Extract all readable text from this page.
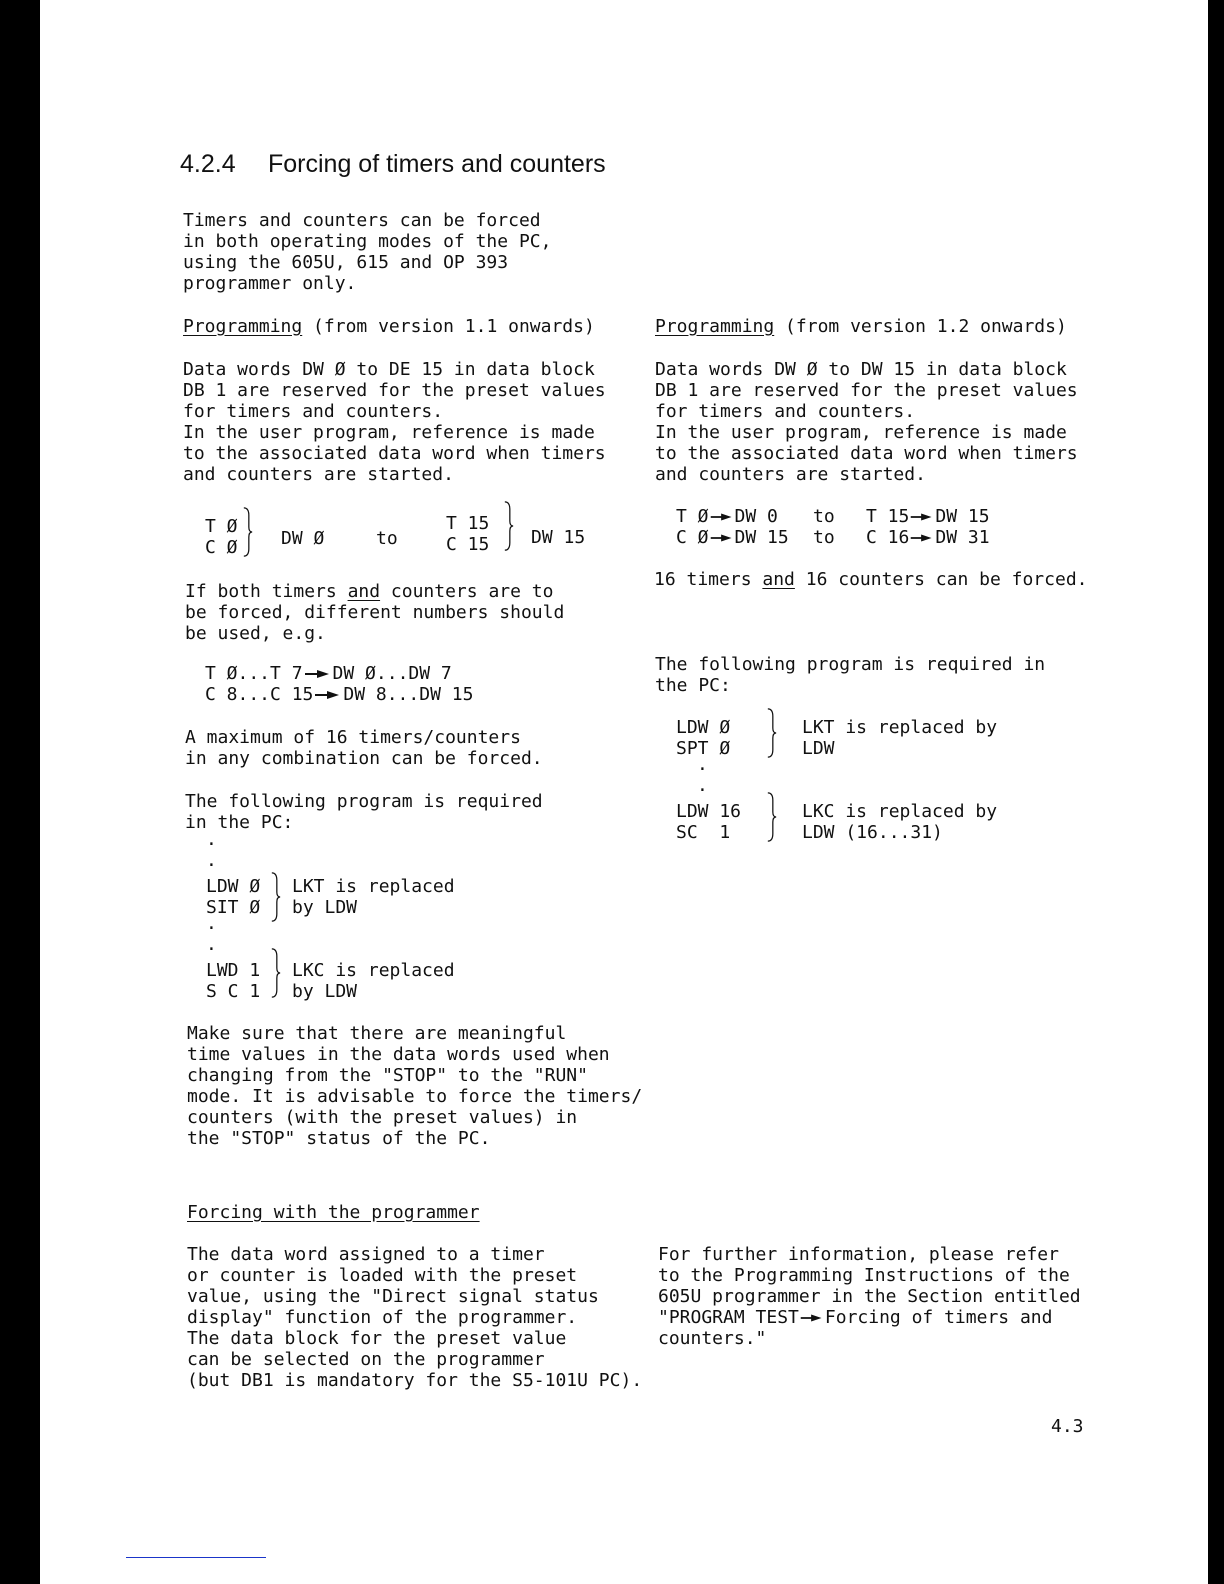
4.2.4 Forcing of timers and counters
Timers and counters can be forced
in both operating modes of the PC,
using the 605U, 615 and OP 393
programmer only.
Programming (from version 1.1 onwards)
Data words DW Ø to DE 15 in data block
DB 1 are reserved for the preset values
for timers and counters.
In the user program, reference is made
to the associated data word when timers
and counters are started.
T Ø
C Ø DW Ø	to
T 15
C 15 DW 15
If both timers and counters are to
be forced, different numbers should
be used, e.g.
T Ø...T 7 DW Ø...DW 7
C 8...C 15 DW 8...DW 15
A maximum of 16 timers/counters
in any combination can be forced.
The following program is required
in the PC:
·
·
LDW Ø
SIT Ø
LKT is replaced
by LDW
·
·
LWD 1
S C 1
LKC is replaced
by LDW
Make sure that there are meaningful
time values in the data words used when
changing from the "STOP" to the "RUN"
mode. It is advisable to force the timers/
counters (with the preset values) in
the "STOP" status of the PC.
Forcing with the programmer
The data word assigned to a timer
or counter is loaded with the preset
value, using the "Direct signal status
display" function of the programmer.
The data block for the preset value
can be selected on the programmer
(but DB1 is mandatory for the S5-101U PC).
Programming (from version 1.2 onwards)
Data words DW Ø to DW 15 in data block
DB 1 are reserved for the preset values
for timers and counters.
In the user program, reference is made
to the associated data word when timers
and counters are started.
T Ø DW 0 to T 15 DW 15
C Ø DW 15 to C 16 DW 31
16 timers and 16 counters can be forced.
The following program is required in
the PC:
LDW Ø
SPT Ø
LKT is replaced by
LDW
·
·
LDW 16
SC  1
LKC is replaced by
LDW (16...31)
For further information, please refer
to the Programming Instructions of the
605U programmer in the Section entitled
"PROGRAM TEST Forcing of timers and
counters."
4.3
